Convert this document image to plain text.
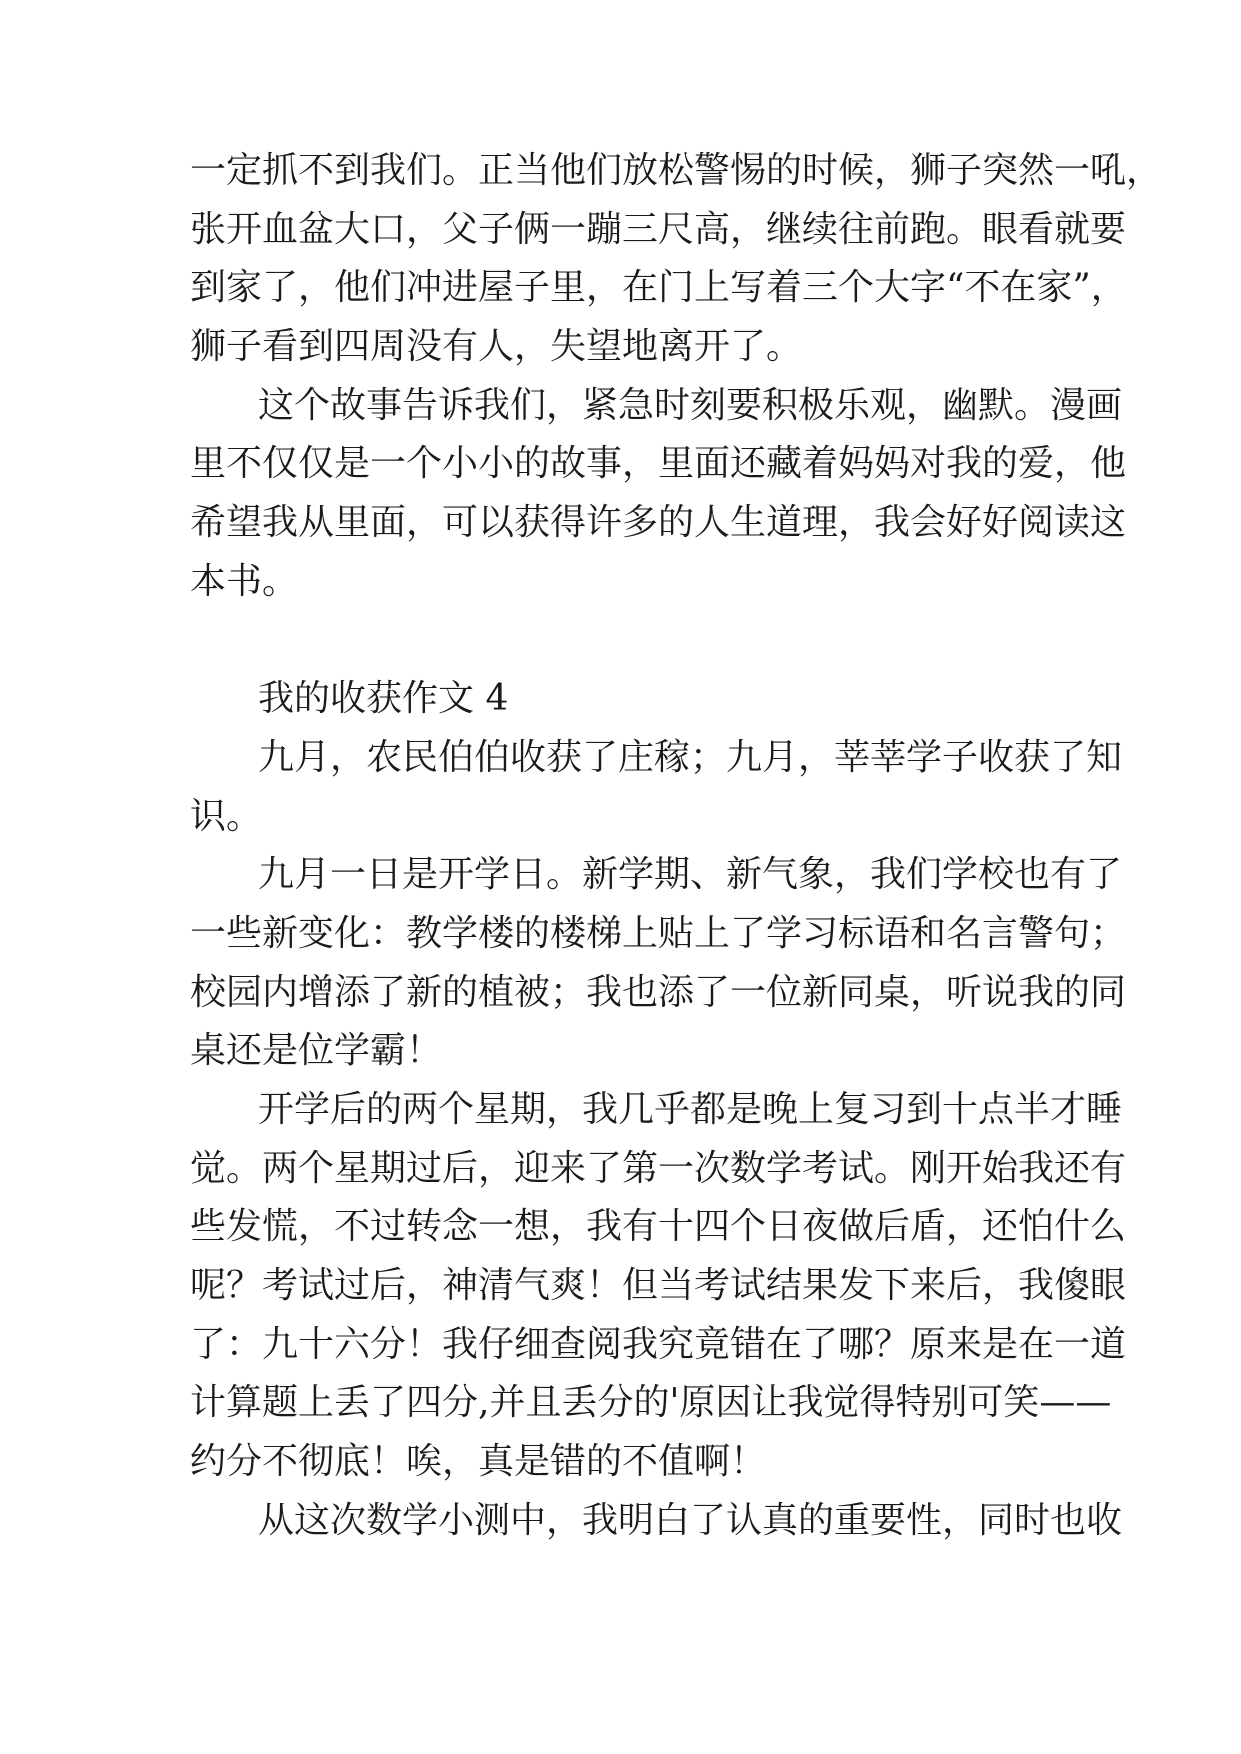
一定抓不到我们。正当他们放松警惕的时候，狮子突然一吼，
张开血盆大口，父子俩一蹦三尺高，继续往前跑。眼看就要
到家了，他们冲进屋子里，在门上写着三个大字“不在家”，
狮子看到四周没有人，失望地离开了。
这个故事告诉我们，紧急时刻要积极乐观，幽默。漫画
里不仅仅是一个小小的故事，里面还藏着妈妈对我的爱，他
希望我从里面，可以获得许多的人生道理，我会好好阅读这
本书。
我的收获作文 4
九月，农民伯伯收获了庄稼；九月，莘莘学子收获了知
识。
九月一日是开学日。新学期、新气象，我们学校也有了
一些新变化：教学楼的楼梯上贴上了学习标语和名言警句；
校园内增添了新的植被；我也添了一位新同桌，听说我的同
桌还是位学霸！
开学后的两个星期，我几乎都是晚上复习到十点半才睡
觉。两个星期过后，迎来了第一次数学考试。刚开始我还有
些发慌，不过转念一想，我有十四个日夜做后盾，还怕什么
呢？考试过后，神清气爽！但当考试结果发下来后，我傻眼
了：九十六分！我仔细查阅我究竟错在了哪？原来是在一道
计算题上丢了四分,并且丢分的'原因让我觉得特别可笑——
约分不彻底！唉，真是错的不值啊！
从这次数学小测中，我明白了认真的重要性，同时也收
